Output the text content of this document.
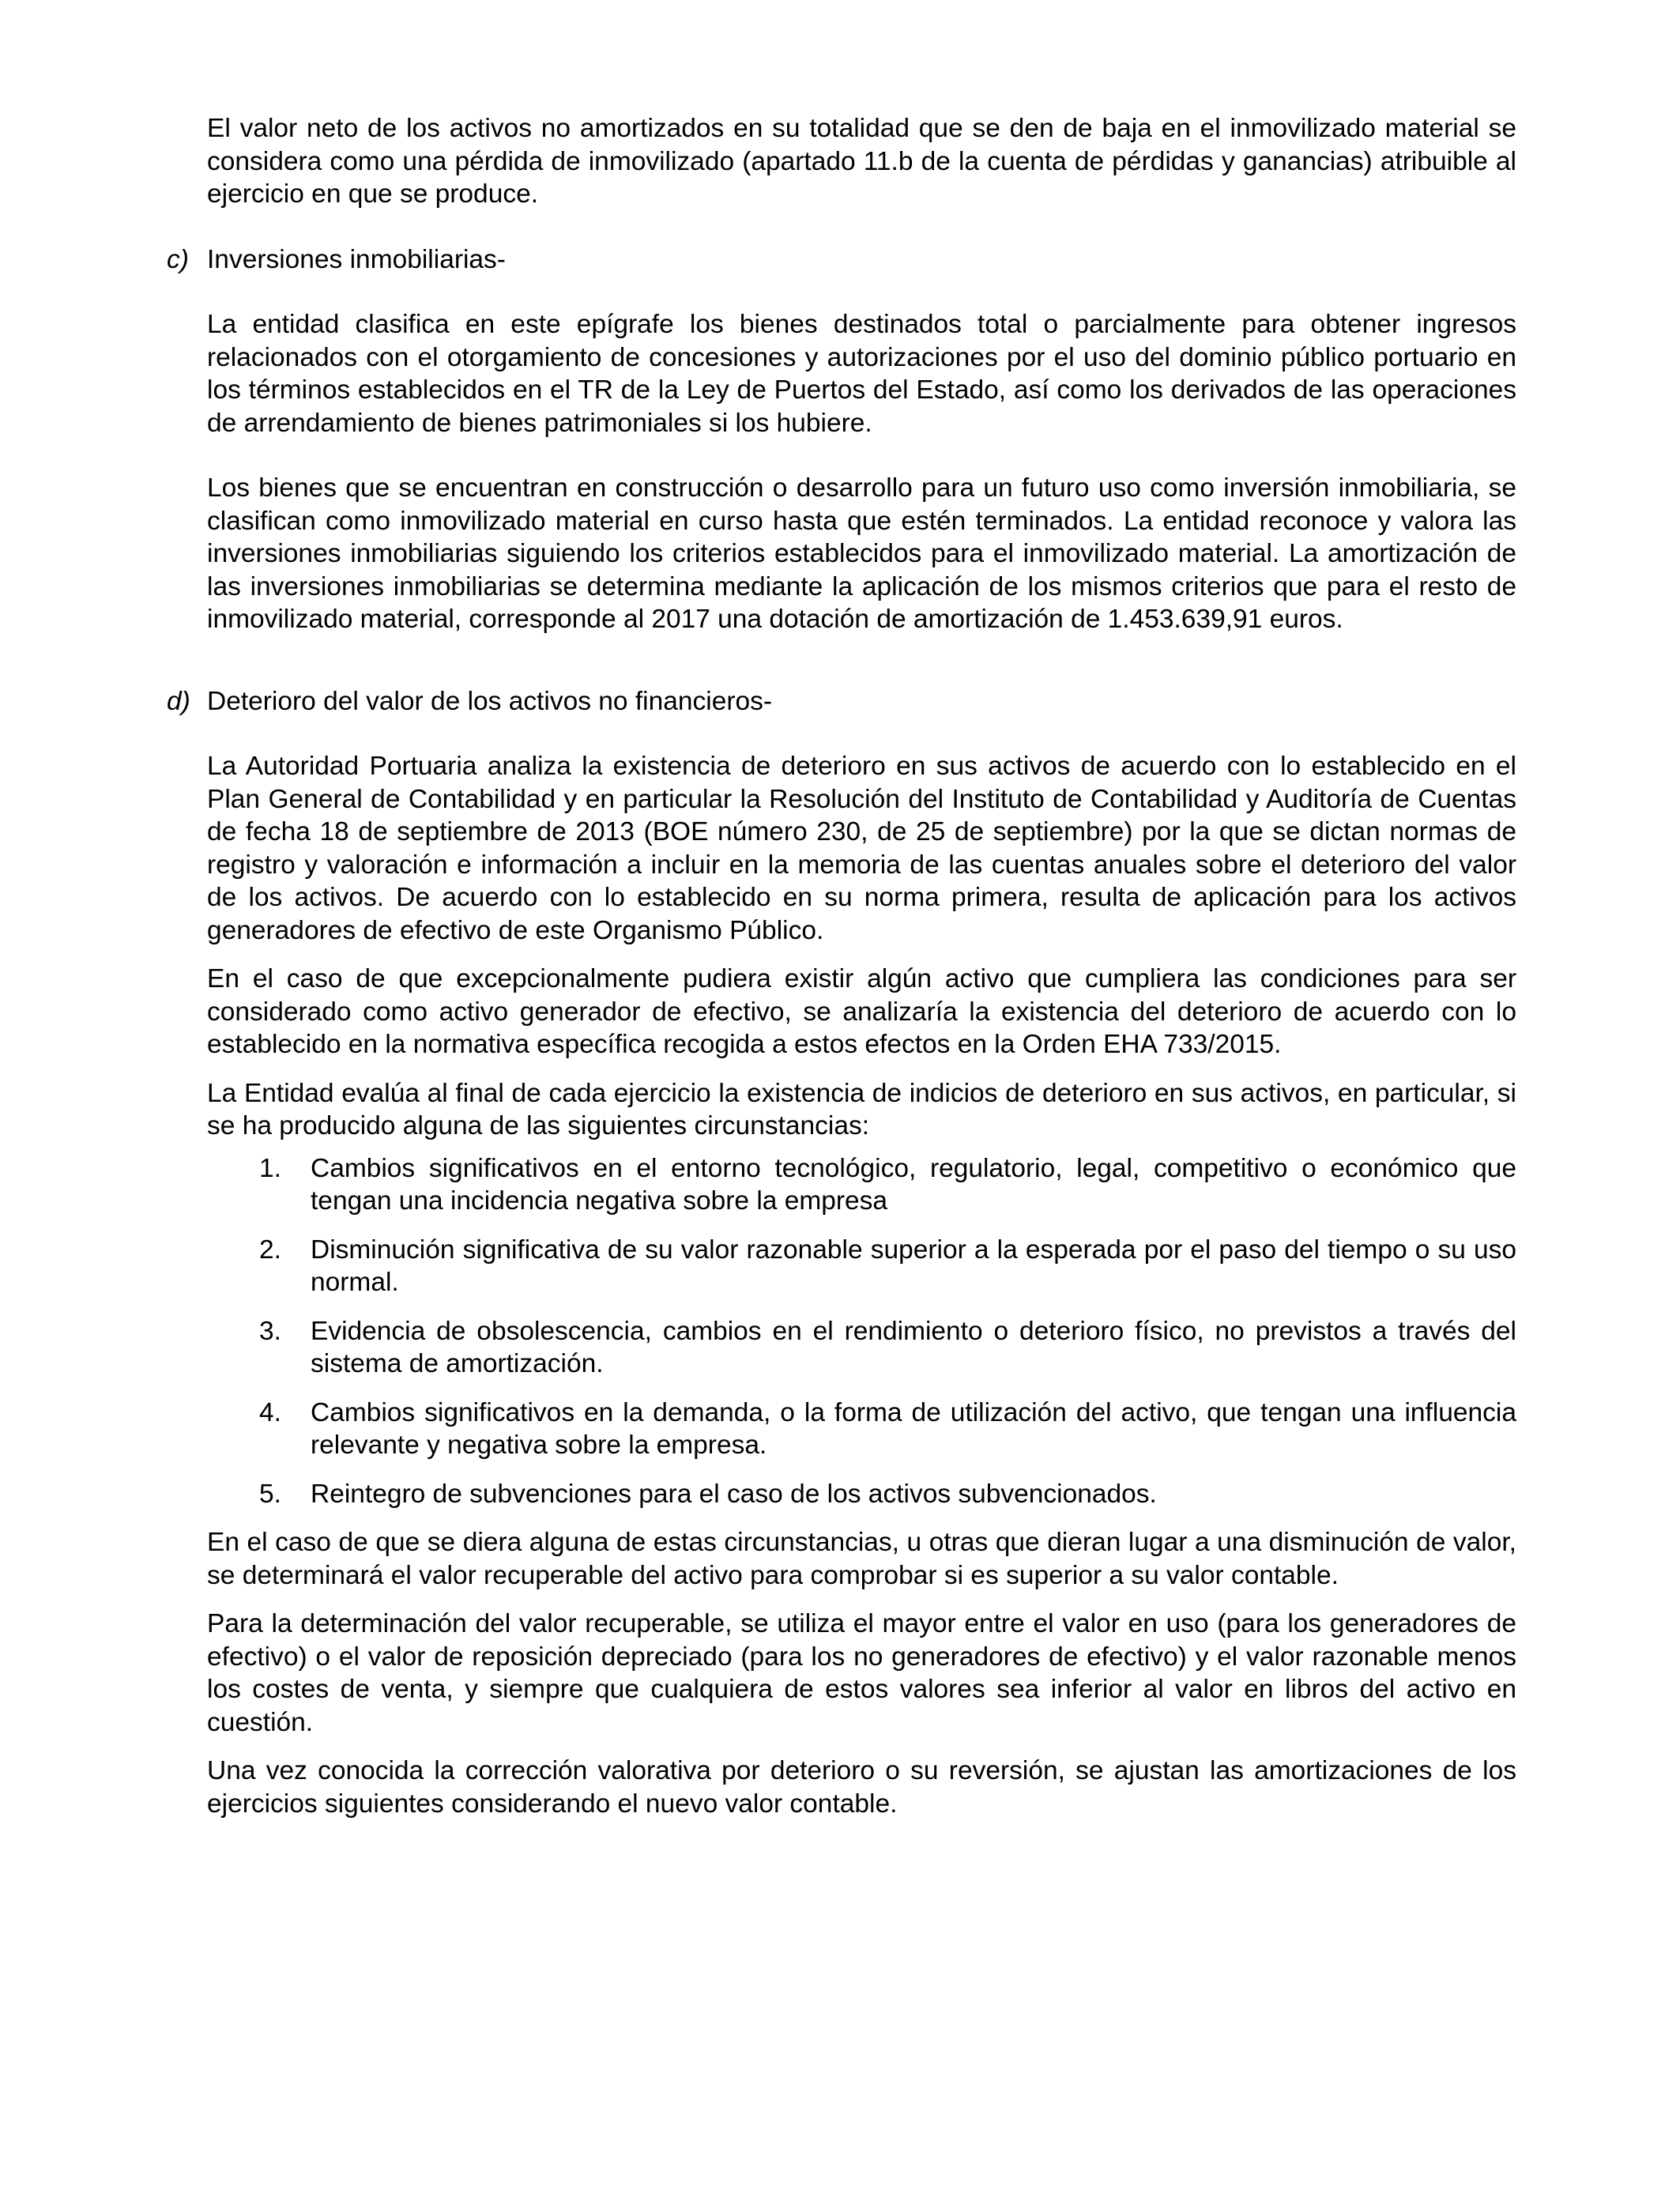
El valor neto de los activos no amortizados en su totalidad que se den de baja en el inmovilizado material se considera como una pérdida de inmovilizado (apartado 11.b de la cuenta de pérdidas y ganancias) atribuible al ejercicio en que se produce.

c) Inversiones inmobiliarias-

La entidad clasifica en este epígrafe los bienes destinados total o parcialmente para obtener ingresos relacionados con el otorgamiento de concesiones y autorizaciones por el uso del dominio público portuario en los términos establecidos en el TR de la Ley de Puertos del Estado, así como los derivados de las operaciones de arrendamiento de bienes patrimoniales si los hubiere.

Los bienes que se encuentran en construcción o desarrollo para un futuro uso como inversión inmobiliaria, se clasifican como inmovilizado material en curso hasta que estén terminados. La entidad reconoce y valora las inversiones inmobiliarias siguiendo los criterios establecidos para el inmovilizado material. La amortización de las inversiones inmobiliarias se determina mediante la aplicación de los mismos criterios que para el resto de inmovilizado material, corresponde al 2017 una dotación de amortización de 1.453.639,91 euros.

d) Deterioro del valor de los activos no financieros-

La Autoridad Portuaria analiza la existencia de deterioro en sus activos de acuerdo con lo establecido en el Plan General de Contabilidad y en particular la Resolución del Instituto de Contabilidad y Auditoría de Cuentas de fecha 18 de septiembre de 2013 (BOE número 230, de 25 de septiembre) por la que se dictan normas de registro y valoración e información a incluir en la memoria de las cuentas anuales sobre el deterioro del valor de los activos. De acuerdo con lo establecido en su norma primera, resulta de aplicación para los activos generadores de efectivo de este Organismo Público.

En el caso de que excepcionalmente pudiera existir algún activo que cumpliera las condiciones para ser considerado como activo generador de efectivo, se analizaría la existencia del deterioro de acuerdo con lo establecido en la normativa específica recogida a estos efectos en la Orden EHA 733/2015.

La Entidad evalúa al final de cada ejercicio la existencia de indicios de deterioro en sus activos, en particular, si se ha producido alguna de las siguientes circunstancias:

1. Cambios significativos en el entorno tecnológico, regulatorio, legal, competitivo o económico que tengan una incidencia negativa sobre la empresa
2. Disminución significativa de su valor razonable superior a la esperada por el paso del tiempo o su uso normal.
3. Evidencia de obsolescencia, cambios en el rendimiento o deterioro físico, no previstos a través del sistema de amortización.
4. Cambios significativos en la demanda, o la forma de utilización del activo, que tengan una influencia relevante y negativa sobre la empresa.
5. Reintegro de subvenciones para el caso de los activos subvencionados.

En el caso de que se diera alguna de estas circunstancias, u otras que dieran lugar a una disminución de valor, se determinará el valor recuperable del activo para comprobar si es superior a su valor contable.

Para la determinación del valor recuperable, se utiliza el mayor entre el valor en uso (para los generadores de efectivo) o el valor de reposición depreciado (para los no generadores de efectivo) y el valor razonable menos los costes de venta, y siempre que cualquiera de estos valores sea inferior al valor en libros del activo en cuestión.

Una vez conocida la corrección valorativa por deterioro o su reversión, se ajustan las amortizaciones de los ejercicios siguientes considerando el nuevo valor contable.
